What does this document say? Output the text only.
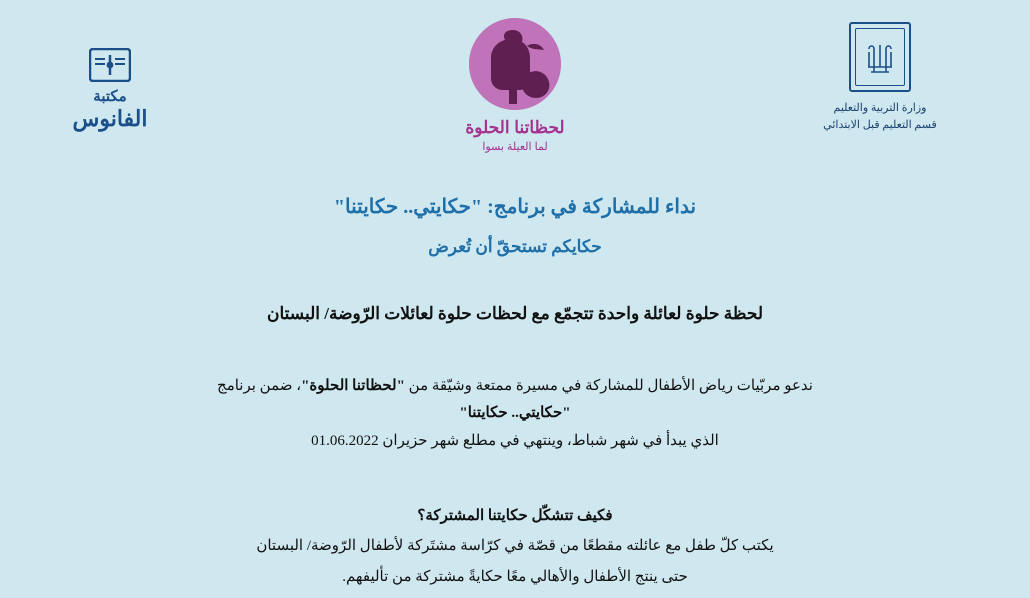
مكتبة
الفانوس	لحظاتنا الحلوة
لما العيلة بسوا
وزارة التربية والتعليم
قسم التعليم قبل الابتدائي
نداء للمشاركة في برنامج: "حكايتي.. حكايتنا"
حكايكم تستحقّ أن تُعرض
لحظة حلوة لعائلة واحدة تتجمّع مع لحظات حلوة لعائلات الرّوضة/ البستان
ندعو مربّيات رياض الأطفال للمشاركة في مسيرة ممتعة وشيّقة من "لحظاتنا الحلوة"، ضمن برنامج
"حكايتي.. حكايتنا"
الذي يبدأ في شهر شباط، وينتهي في مطلع شهر حزيران 01.06.2022
فكيف تتشكّل حكايتنا المشتركة؟
يكتب كلّ طفل مع عائلته مقطعًا من قصّة في كرّاسة مشتَركة لأطفال الرّوضة/ البستان
حتى ينتج الأطفال والأهالي معًا حكايةً مشتركة من تأليفهم.
